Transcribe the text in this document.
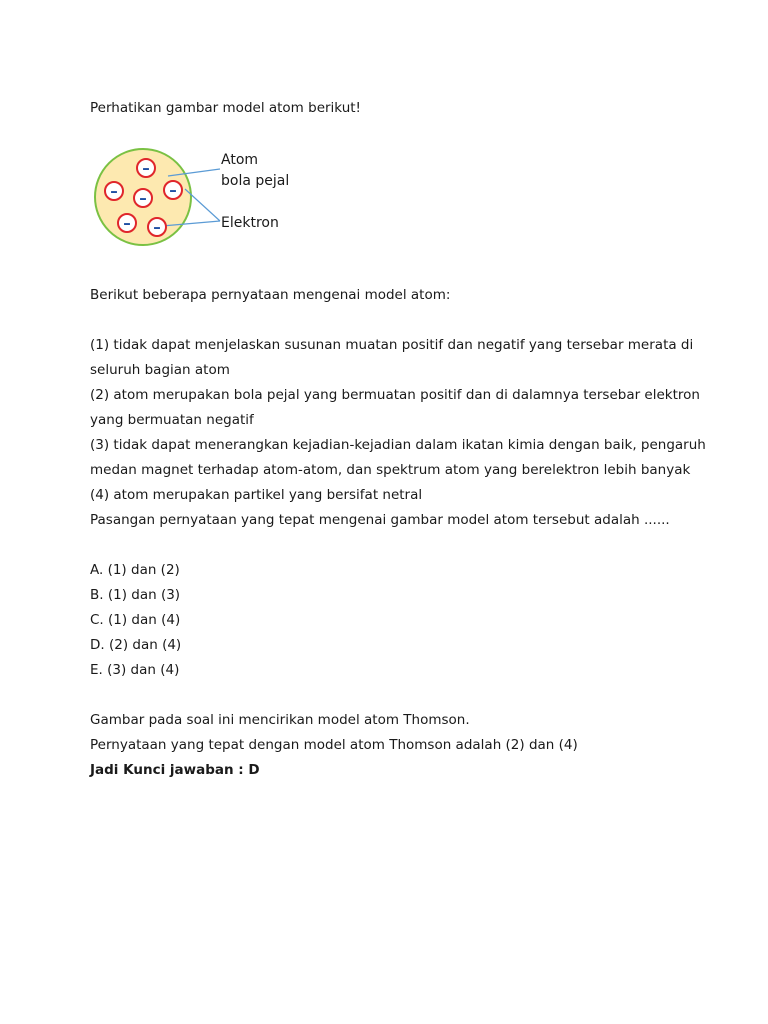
Perhatikan gambar model atom berikut!
–
–	–
–
– –
Atom
bola pejal
Elektron
Berikut beberapa pernyataan mengenai model atom:
(1) tidak dapat menjelaskan susunan muatan positif dan negatif yang tersebar merata di
seluruh bagian atom
(2) atom merupakan bola pejal yang bermuatan positif dan di dalamnya tersebar elektron
yang bermuatan negatif
(3) tidak dapat menerangkan kejadian-kejadian dalam ikatan kimia dengan baik, pengaruh
medan magnet terhadap atom-atom, dan spektrum atom yang berelektron lebih banyak
(4) atom merupakan partikel yang bersifat netral
Pasangan pernyataan yang tepat mengenai gambar model atom tersebut adalah ......
A. (1) dan (2)
B. (1) dan (3)
C. (1) dan (4)
D. (2) dan (4)
E. (3) dan (4)
Gambar pada soal ini mencirikan model atom Thomson.
Pernyataan yang tepat dengan model atom Thomson adalah (2) dan (4)
Jadi Kunci jawaban : D
